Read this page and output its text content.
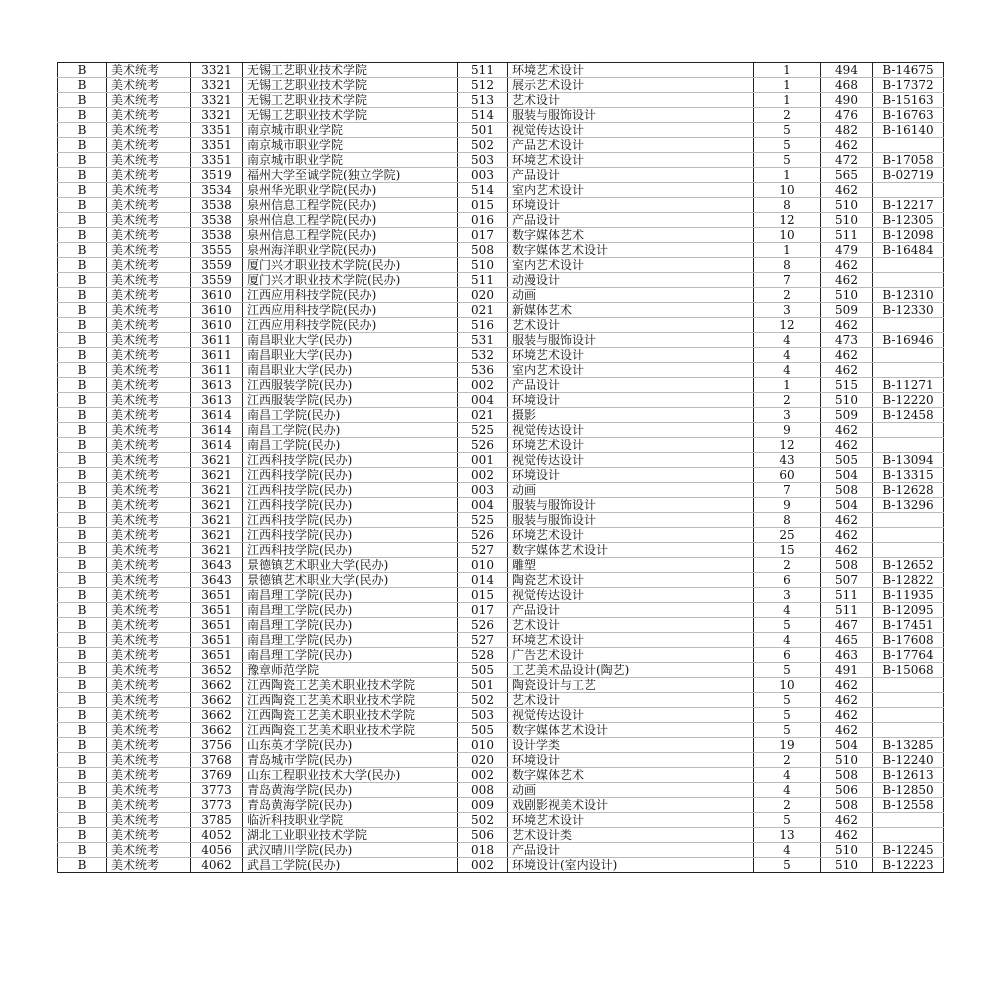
B	美术统考	3321	无锡工艺职业技术学院	511	环境艺术设计	1	494	B-14675
B	美术统考	3321	无锡工艺职业技术学院	512	展示艺术设计	1	468	B-17372
B	美术统考	3321	无锡工艺职业技术学院	513	艺术设计	1	490	B-15163
B	美术统考	3321	无锡工艺职业技术学院	514	服装与服饰设计	2	476	B-16763
B	美术统考	3351	南京城市职业学院	501	视觉传达设计	5	482	B-16140
B	美术统考	3351	南京城市职业学院	502	产品艺术设计	5	462	
B	美术统考	3351	南京城市职业学院	503	环境艺术设计	5	472	B-17058
B	美术统考	3519	福州大学至诚学院(独立学院)	003	产品设计	1	565	B-02719
B	美术统考	3534	泉州华光职业学院(民办)	514	室内艺术设计	10	462	
B	美术统考	3538	泉州信息工程学院(民办)	015	环境设计	8	510	B-12217
B	美术统考	3538	泉州信息工程学院(民办)	016	产品设计	12	510	B-12305
B	美术统考	3538	泉州信息工程学院(民办)	017	数字媒体艺术	10	511	B-12098
B	美术统考	3555	泉州海洋职业学院(民办)	508	数字媒体艺术设计	1	479	B-16484
B	美术统考	3559	厦门兴才职业技术学院(民办)	510	室内艺术设计	8	462	
B	美术统考	3559	厦门兴才职业技术学院(民办)	511	动漫设计	7	462	
B	美术统考	3610	江西应用科技学院(民办)	020	动画	2	510	B-12310
B	美术统考	3610	江西应用科技学院(民办)	021	新媒体艺术	3	509	B-12330
B	美术统考	3610	江西应用科技学院(民办)	516	艺术设计	12	462	
B	美术统考	3611	南昌职业大学(民办)	531	服装与服饰设计	4	473	B-16946
B	美术统考	3611	南昌职业大学(民办)	532	环境艺术设计	4	462	
B	美术统考	3611	南昌职业大学(民办)	536	室内艺术设计	4	462	
B	美术统考	3613	江西服装学院(民办)	002	产品设计	1	515	B-11271
B	美术统考	3613	江西服装学院(民办)	004	环境设计	2	510	B-12220
B	美术统考	3614	南昌工学院(民办)	021	摄影	3	509	B-12458
B	美术统考	3614	南昌工学院(民办)	525	视觉传达设计	9	462	
B	美术统考	3614	南昌工学院(民办)	526	环境艺术设计	12	462	
B	美术统考	3621	江西科技学院(民办)	001	视觉传达设计	43	505	B-13094
B	美术统考	3621	江西科技学院(民办)	002	环境设计	60	504	B-13315
B	美术统考	3621	江西科技学院(民办)	003	动画	7	508	B-12628
B	美术统考	3621	江西科技学院(民办)	004	服装与服饰设计	9	504	B-13296
B	美术统考	3621	江西科技学院(民办)	525	服装与服饰设计	8	462	
B	美术统考	3621	江西科技学院(民办)	526	环境艺术设计	25	462	
B	美术统考	3621	江西科技学院(民办)	527	数字媒体艺术设计	15	462	
B	美术统考	3643	景德镇艺术职业大学(民办)	010	雕塑	2	508	B-12652
B	美术统考	3643	景德镇艺术职业大学(民办)	014	陶瓷艺术设计	6	507	B-12822
B	美术统考	3651	南昌理工学院(民办)	015	视觉传达设计	3	511	B-11935
B	美术统考	3651	南昌理工学院(民办)	017	产品设计	4	511	B-12095
B	美术统考	3651	南昌理工学院(民办)	526	艺术设计	5	467	B-17451
B	美术统考	3651	南昌理工学院(民办)	527	环境艺术设计	4	465	B-17608
B	美术统考	3651	南昌理工学院(民办)	528	广告艺术设计	6	463	B-17764
B	美术统考	3652	豫章师范学院	505	工艺美术品设计(陶艺)	5	491	B-15068
B	美术统考	3662	江西陶瓷工艺美术职业技术学院	501	陶瓷设计与工艺	10	462	
B	美术统考	3662	江西陶瓷工艺美术职业技术学院	502	艺术设计	5	462	
B	美术统考	3662	江西陶瓷工艺美术职业技术学院	503	视觉传达设计	5	462	
B	美术统考	3662	江西陶瓷工艺美术职业技术学院	505	数字媒体艺术设计	5	462	
B	美术统考	3756	山东英才学院(民办)	010	设计学类	19	504	B-13285
B	美术统考	3768	青岛城市学院(民办)	020	环境设计	2	510	B-12240
B	美术统考	3769	山东工程职业技术大学(民办)	002	数字媒体艺术	4	508	B-12613
B	美术统考	3773	青岛黄海学院(民办)	008	动画	4	506	B-12850
B	美术统考	3773	青岛黄海学院(民办)	009	戏剧影视美术设计	2	508	B-12558
B	美术统考	3785	临沂科技职业学院	502	环境艺术设计	5	462	
B	美术统考	4052	湖北工业职业技术学院	506	艺术设计类	13	462	
B	美术统考	4056	武汉晴川学院(民办)	018	产品设计	4	510	B-12245
B	美术统考	4062	武昌工学院(民办)	002	环境设计(室内设计)	5	510	B-12223
